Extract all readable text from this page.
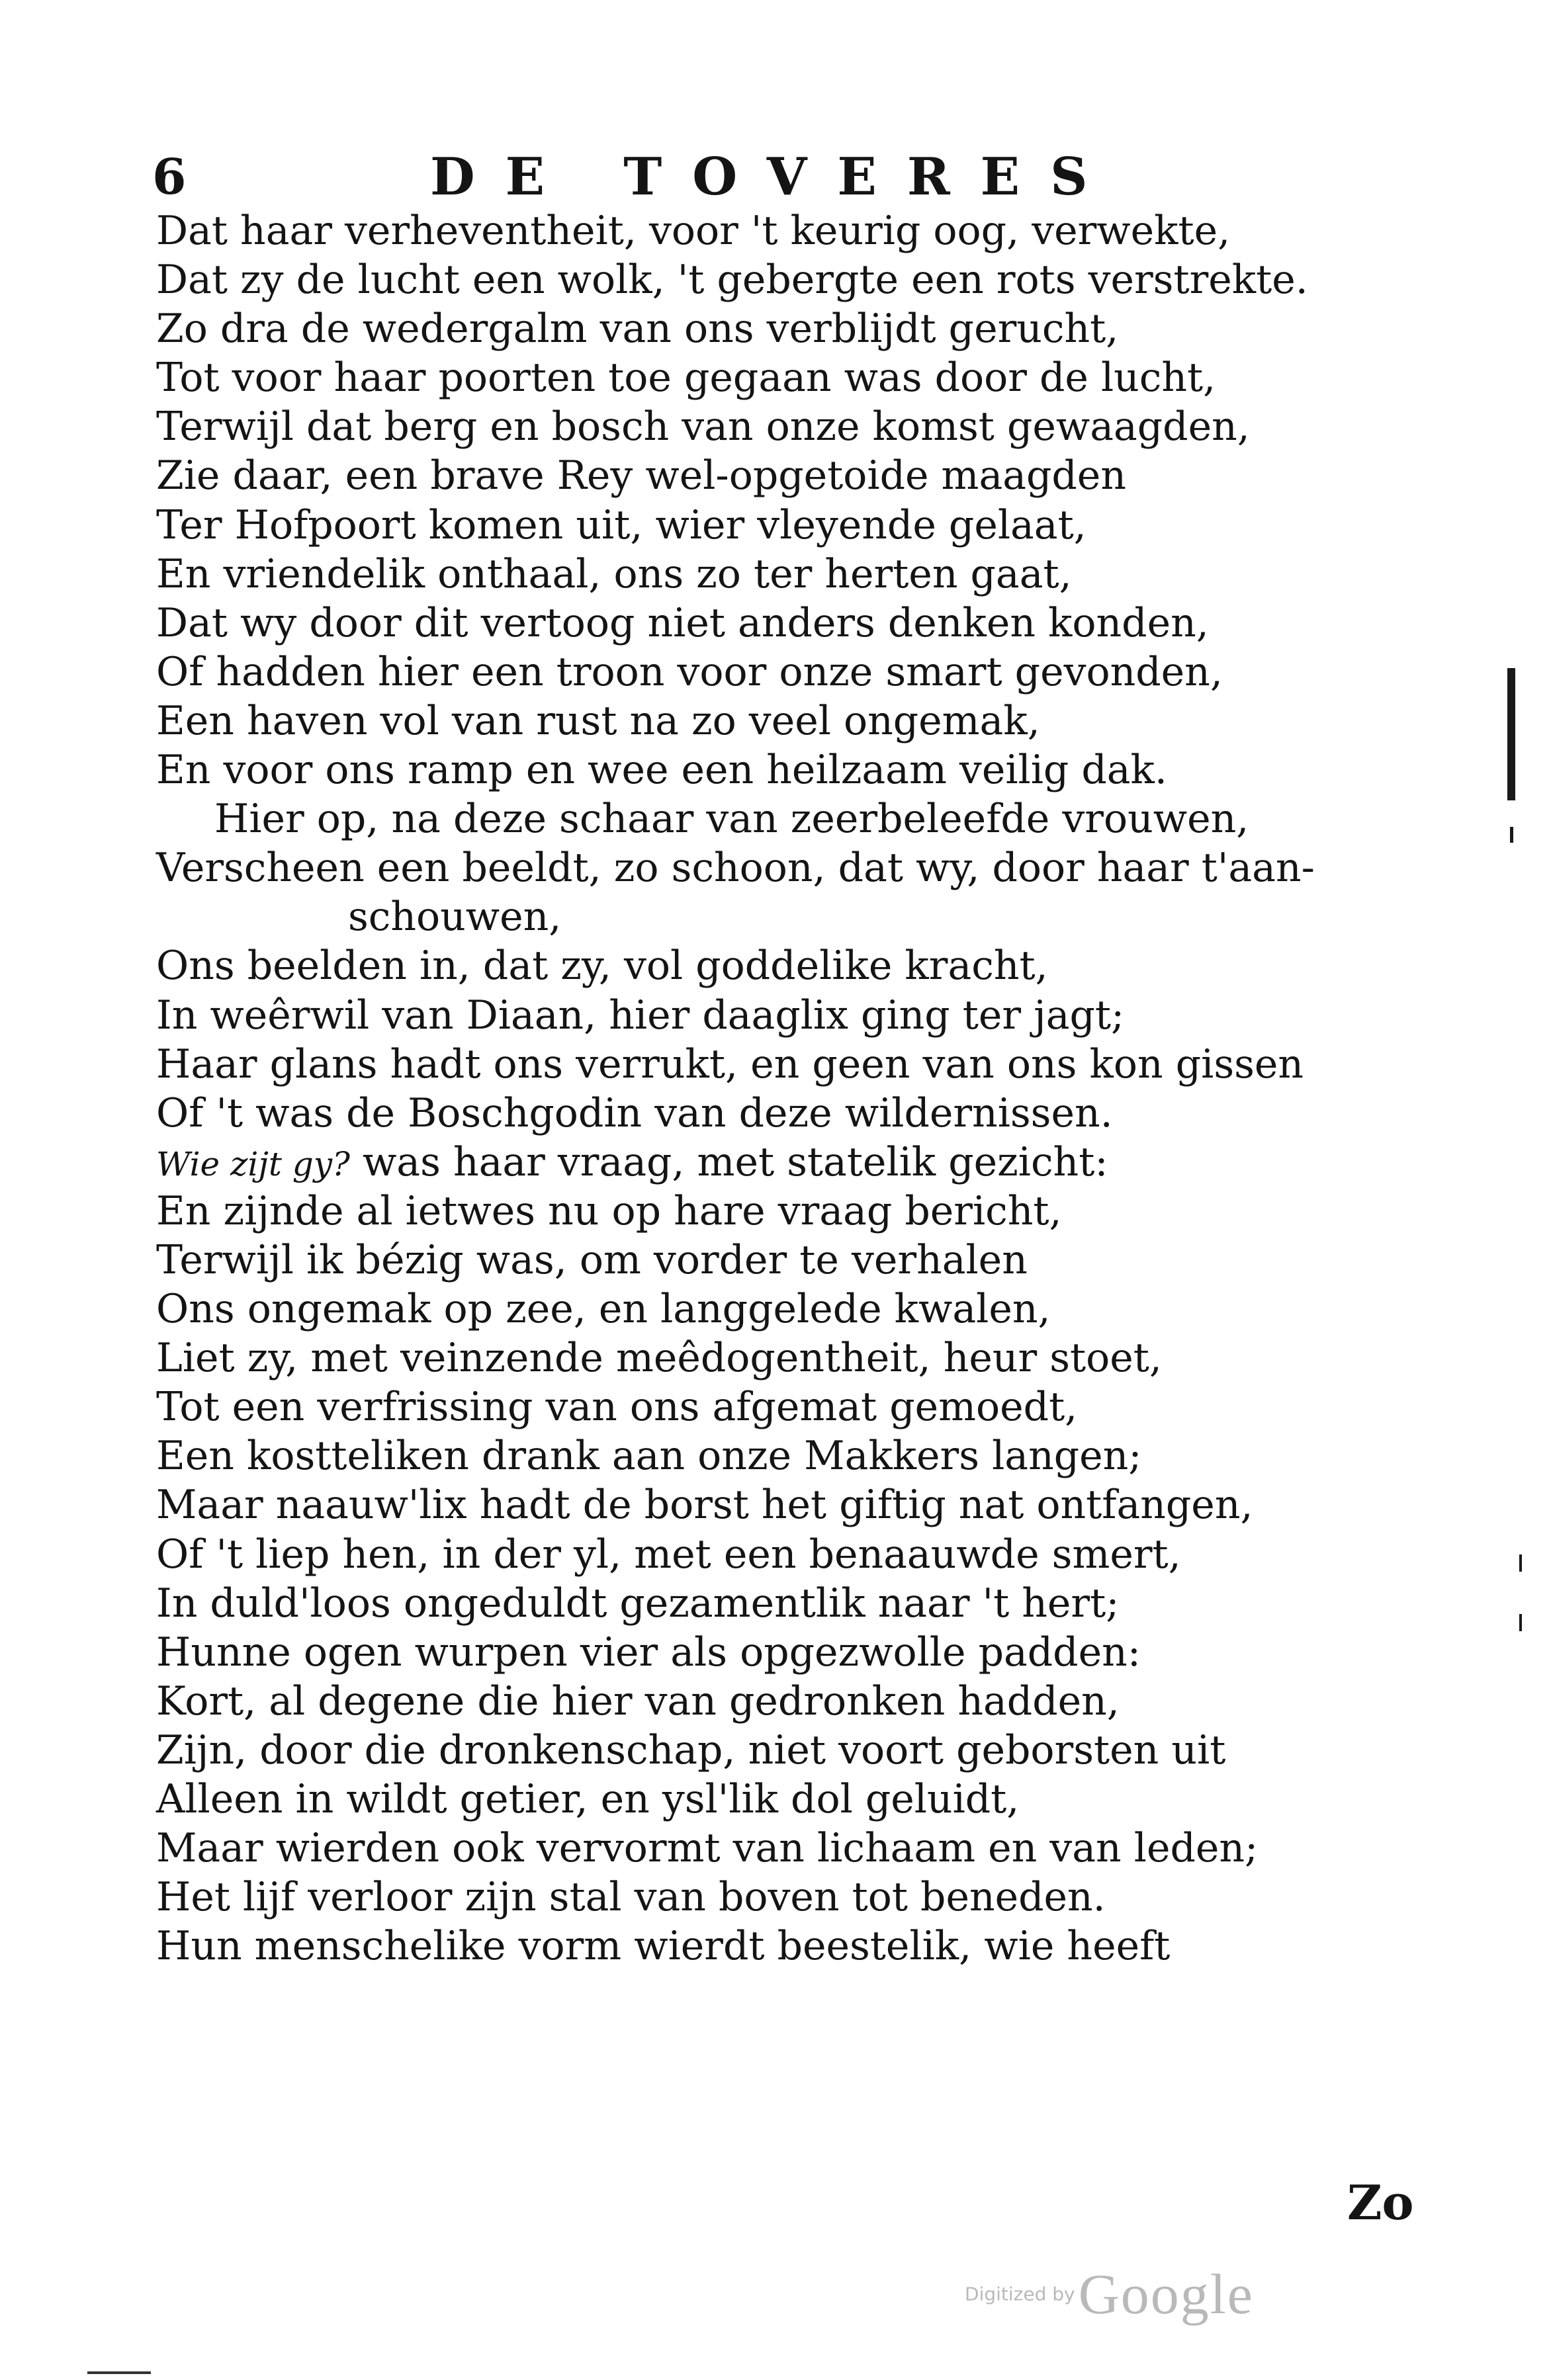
6	DE TOVERES
Dat haar verheventheit, voor 't keurig oog, verwekte,
Dat zy de lucht een wolk, 't gebergte een rots verstrekte.
Zo dra de wedergalm van ons verblijdt gerucht,
Tot voor haar poorten toe gegaan was door de lucht,
Terwijl dat berg en bosch van onze komst gewaagden,
Zie daar, een brave Rey wel-opgetoide maagden
Ter Hofpoort komen uit, wier vleyende gelaat,
En vriendelik onthaal, ons zo ter herten gaat,
Dat wy door dit vertoog niet anders denken konden,
Of hadden hier een troon voor onze smart gevonden,
Een haven vol van rust na zo veel ongemak,
En voor ons ramp en wee een heilzaam veilig dak.
Hier op, na deze schaar van zeerbeleefde vrouwen,
Verscheen een beeldt, zo schoon, dat wy, door haar t'aan-
schouwen,
Ons beelden in, dat zy, vol goddelike kracht,
In weêrwil van Diaan, hier daaglix ging ter jagt;
Haar glans hadt ons verrukt, en geen van ons kon gissen
Of 't was de Boschgodin van deze wildernissen.
Wie zijt gy? was haar vraag, met statelik gezicht:
En zijnde al ietwes nu op hare vraag bericht,
Terwijl ik bézig was, om vorder te verhalen
Ons ongemak op zee, en langgelede kwalen,
Liet zy, met veinzende meêdogentheit, heur stoet,
Tot een verfrissing van ons afgemat gemoedt,
Een kostteliken drank aan onze Makkers langen;
Maar naauw'lix hadt de borst het giftig nat ontfangen,
Of 't liep hen, in der yl, met een benaauwde smert,
In duld'loos ongeduldt gezamentlik naar 't hert;
Hunne ogen wurpen vier als opgezwolle padden:
Kort, al degene die hier van gedronken hadden,
Zijn, door die dronkenschap, niet voort geborsten uit
Alleen in wildt getier, en ysl'lik dol geluidt,
Maar wierden ook vervormt van lichaam en van leden;
Het lijf verloor zijn stal van boven tot beneden.
Hun menschelike vorm wierdt beestelik, wie heeft
Zo
Digitized by Google
